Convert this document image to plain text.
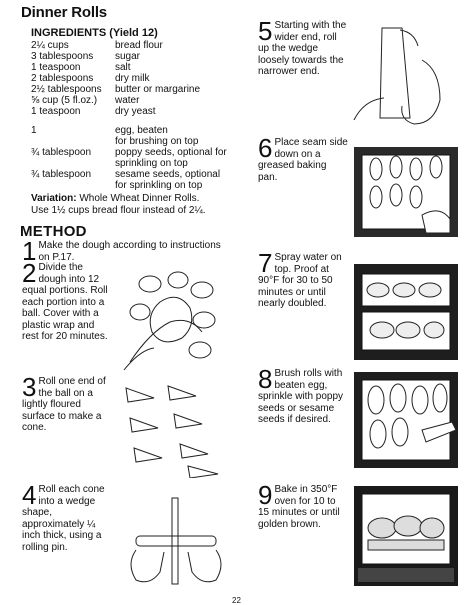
Dinner Rolls
INGREDIENTS (Yield 12)
2¼ cups	bread flour
3 tablespoons sugar
1 teaspoon	salt
2 tablespoons dry milk
2½ tablespoons butter or margarine
⅝ cup (5 fl.oz.) water
1 teaspoon	dry yeast
1	egg, beaten
for brushing on top
¾ tablespoon poppy seeds, optional for
sprinkling on top
¾ tablespoon sesame seeds, optional
for sprinkling on top
Variation: Whole Wheat Dinner Rolls.
Use 1½ cups bread flour instead of 2¼.
METHOD
1 Make the dough according to instructions on P.17.
2 Divide the dough into 12 equal portions. Roll each portion into a ball. Cover with a plastic wrap and rest for 20 minutes.
3 Roll one end of the ball on a lightly floured surface to make a cone.
4 Roll each cone into a wedge shape, approximately ¼ inch thick, using a rolling pin.
5 Starting with the wider end, roll up the wedge loosely towards the narrower end.
6 Place seam side down on a greased baking pan.
7 Spray water on top. Proof at 90°F for 30 to 50 minutes or until nearly doubled.
8 Brush rolls with beaten egg, sprinkle with poppy seeds or sesame seeds if desired.
9 Bake in 350°F oven for 10 to 15 minutes or until golden brown.
22
